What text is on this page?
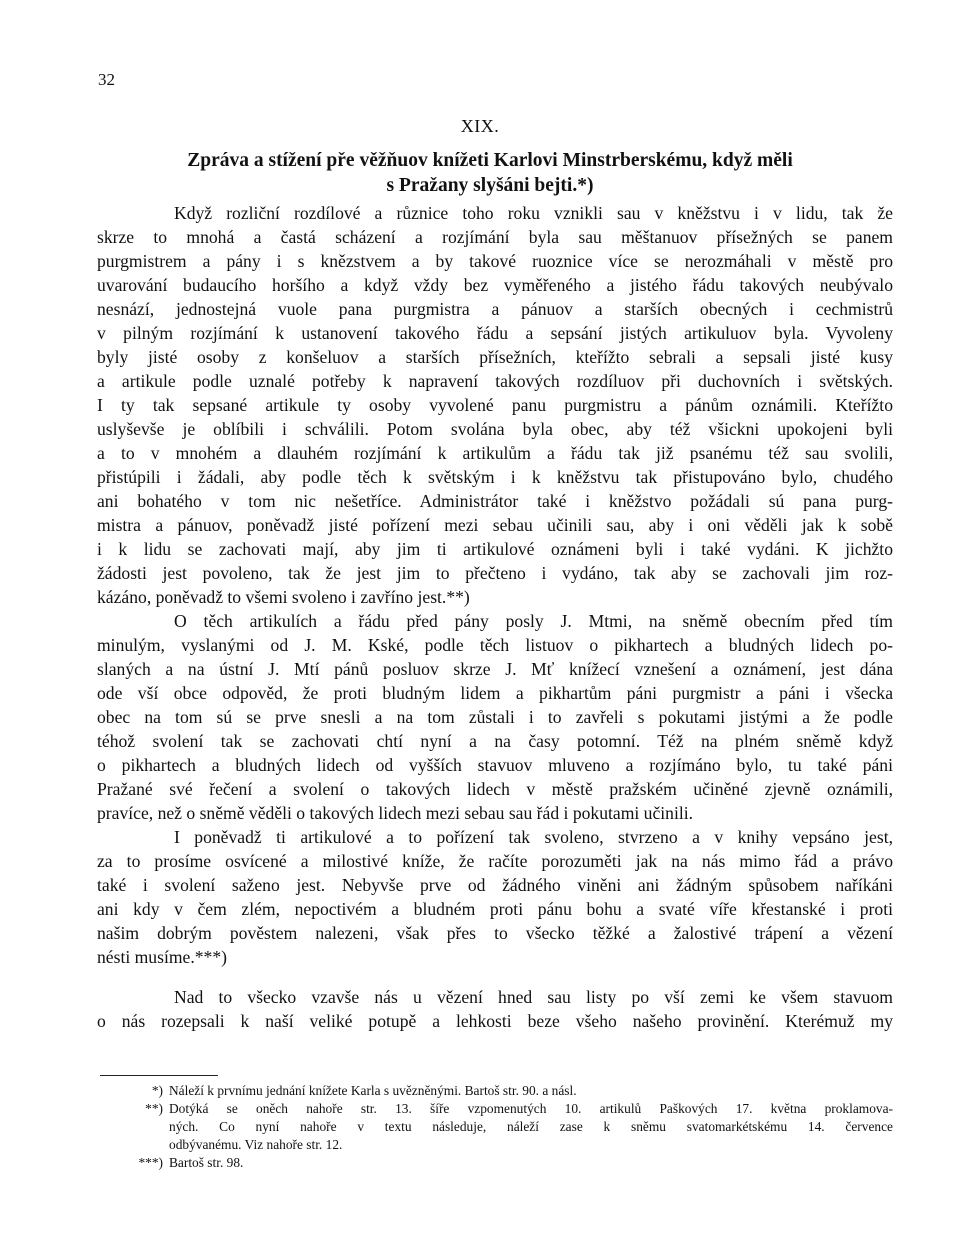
32
XIX.
Zpráva a stížení pře věžňuov knížeti Karlovi Minstrberskému, když měli
s Pražany slyšáni bejti.*)
Když rozliční rozdílové a různice toho roku vznikli sau v kněžstvu i v lidu, tak že
skrze to mnohá a častá scházení a rozjímání byla sau měštanuov přísežných se panem
purgmistrem a pány i s knězstvem a by takové ruoznice více se nerozmáhali v městě pro
uvarování budaucího horšího a když vždy bez vyměřeného a jistého řádu takových neubývalo
nesnází, jednostejná vuole pana purgmistra a pánuov a starších obecných i cechmistrů
v pilným rozjímání k ustanovení takového řádu a sepsání jistých artikuluov byla. Vyvoleny
byly jisté osoby z konšeluov a starších přísežních, kteřížto sebrali a sepsali jisté kusy
a artikule podle uznalé potřeby k napravení takových rozdíluov při duchovních i světských.
I ty tak sepsané artikule ty osoby vyvolené panu purgmistru a pánům oznámili. Kteřížto
uslyševše je oblíbili i schválili. Potom svolána byla obec, aby též všickni upokojeni byli
a to v mnohém a dlauhém rozjímání k artikulům a řádu tak již psanému též sau svolili,
přistúpili i žádali, aby podle těch k světským i k kněžstvu tak přistupováno bylo, chudého
ani bohatého v tom nic nešetříce. Administrátor také i kněžstvo požádali sú pana purg-
mistra a pánuov, poněvadž jisté pořízení mezi sebau učinili sau, aby i oni věděli jak k sobě
i k lidu se zachovati mají, aby jim ti artikulové oznámeni byli i také vydáni. K jichžto
žádosti jest povoleno, tak že jest jim to přečteno i vydáno, tak aby se zachovali jim roz-
kázáno, poněvadž to všemi svoleno i zavříno jest.**)
O těch artikulích a řádu před pány posly J. Mtmi, na sněmě obecním před tím
minulým, vyslanými od J. M. Kské, podle těch listuov o pikhartech a bludných lidech po-
slaných a na ústní J. Mtí pánů posluov skrze J. Mť knížecí vznešení a oznámení, jest dána
ode vší obce odpověd, že proti bludným lidem a pikhartům páni purgmistr a páni i všecka
obec na tom sú se prve snesli a na tom zůstali i to zavřeli s pokutami jistými a že podle
téhož svolení tak se zachovati chtí nyní a na časy potomní. Též na plném sněmě když
o pikhartech a bludných lidech od vyšších stavuov mluveno a rozjímáno bylo, tu také páni
Pražané své řečení a svolení o takových lidech v městě pražském učiněné zjevně oznámili,
pravíce, než o sněmě věděli o takových lidech mezi sebau sau řád i pokutami učinili.
I poněvadž ti artikulové a to pořízení tak svoleno, stvrzeno a v knihy vepsáno jest,
za to prosíme osvícené a milostivé kníže, že račíte porozuměti jak na nás mimo řád a právo
také i svolení saženo jest. Nebyvše prve od žádného viněni ani žádným spůsobem naříkáni
ani kdy v čem zlém, nepoctivém a bludném proti pánu bohu a svaté víře křestanské i proti
našim dobrým pověstem nalezeni, však přes to všecko těžké a žalostivé trápení a vězení
nésti musíme.***)
Nad to všecko vzavše nás u vězení hned sau listy po vší zemi ke všem stavuom
o nás rozepsali k naší veliké potupě a lehkosti beze všeho našeho provinění. Kterémuž my
*) Náleží k prvnímu jednání knížete Karla s uvězněnými. Bartoš str. 90. a násl.
**) Dotýká se oněch nahoře str. 13. šíře vzpomenutých 10. artikulů Paškových 17. května proklamova-
ných. Co nyní nahoře v textu následuje, náleží zase k sněmu svatomarkétskému 14. července
odbývanému. Viz nahoře str. 12.
***) Bartoš str. 98.
